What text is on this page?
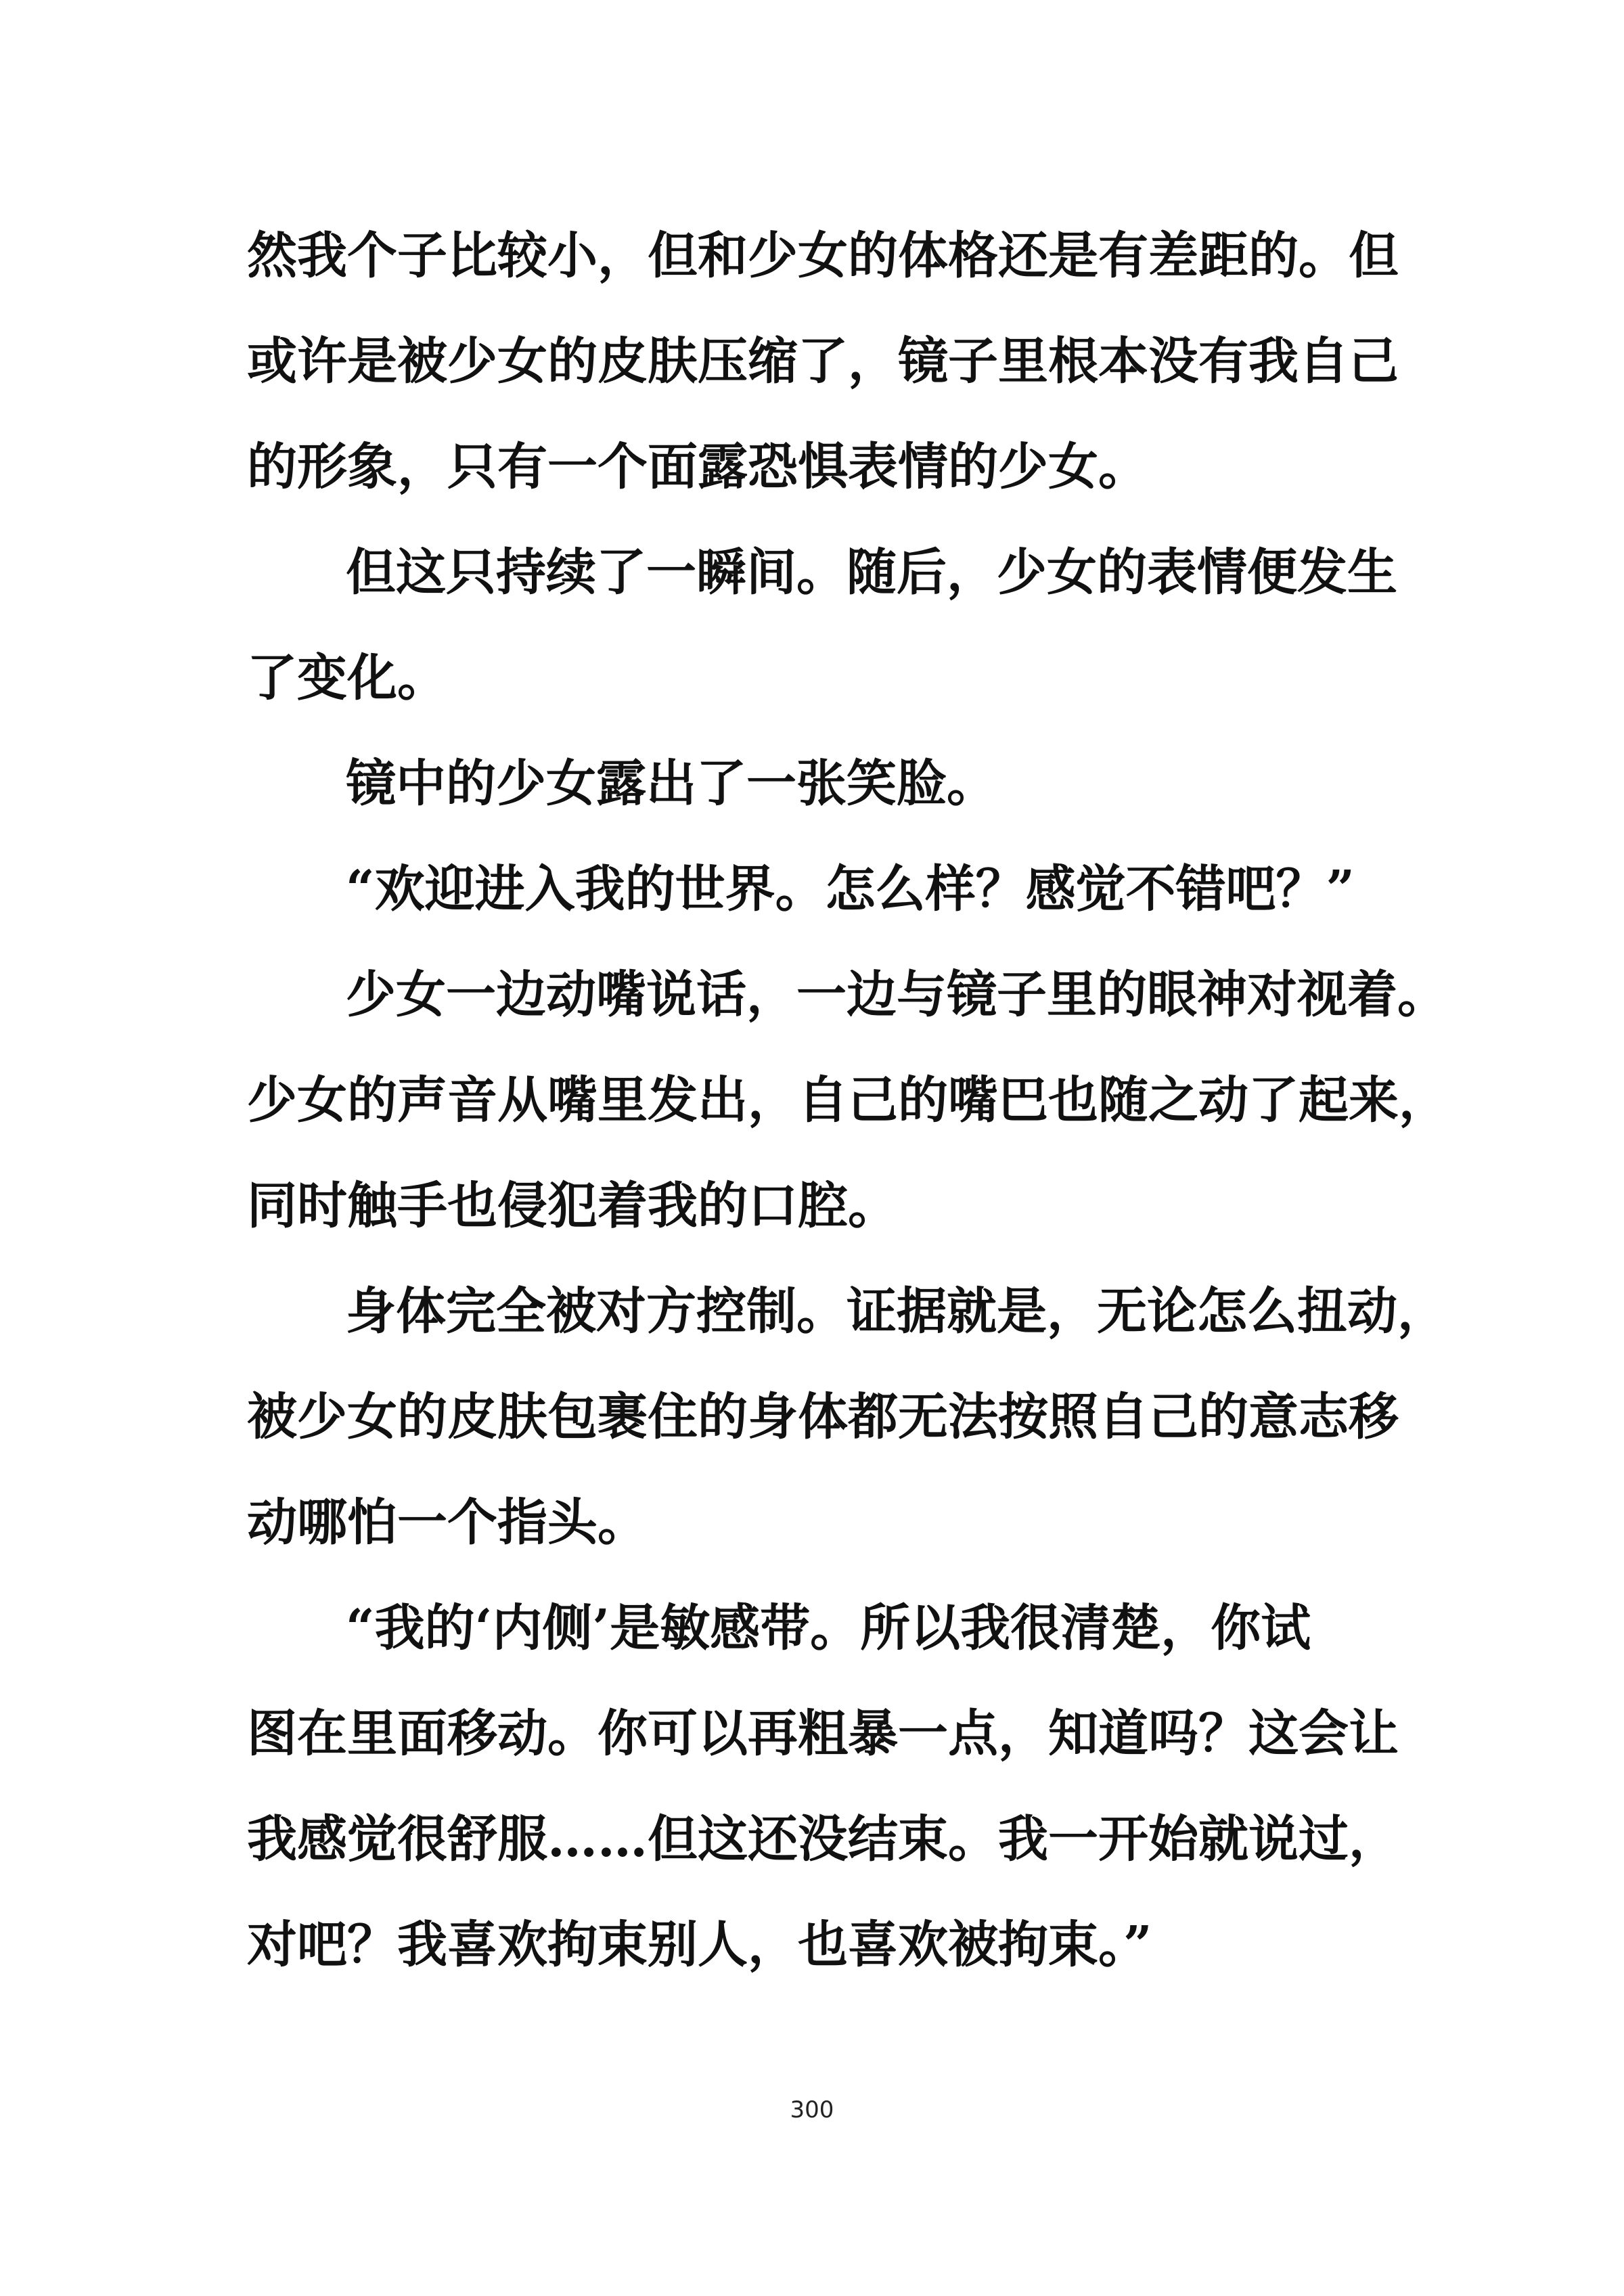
然我个子比较小，但和少女的体格还是有差距的。但
或许是被少女的皮肤压缩了，镜子里根本没有我自己
的形象，只有一个面露恐惧表情的少女。
但这只持续了一瞬间。随后，少女的表情便发生
了变化。
镜中的少女露出了一张笑脸。
“欢迎进入我的世界。怎么样？感觉不错吧？”
少女一边动嘴说话，一边与镜子里的眼神对视着。
少女的声音从嘴里发出，自己的嘴巴也随之动了起来，
同时触手也侵犯着我的口腔。
身体完全被对方控制。证据就是，无论怎么扭动，
被少女的皮肤包裹住的身体都无法按照自己的意志移
动哪怕一个指头。
“我的‘内侧’是敏感带。所以我很清楚，你试
图在里面移动。你可以再粗暴一点，知道吗？这会让
我感觉很舒服……但这还没结束。我一开始就说过，
对吧？我喜欢拘束别人，也喜欢被拘束。”
300
